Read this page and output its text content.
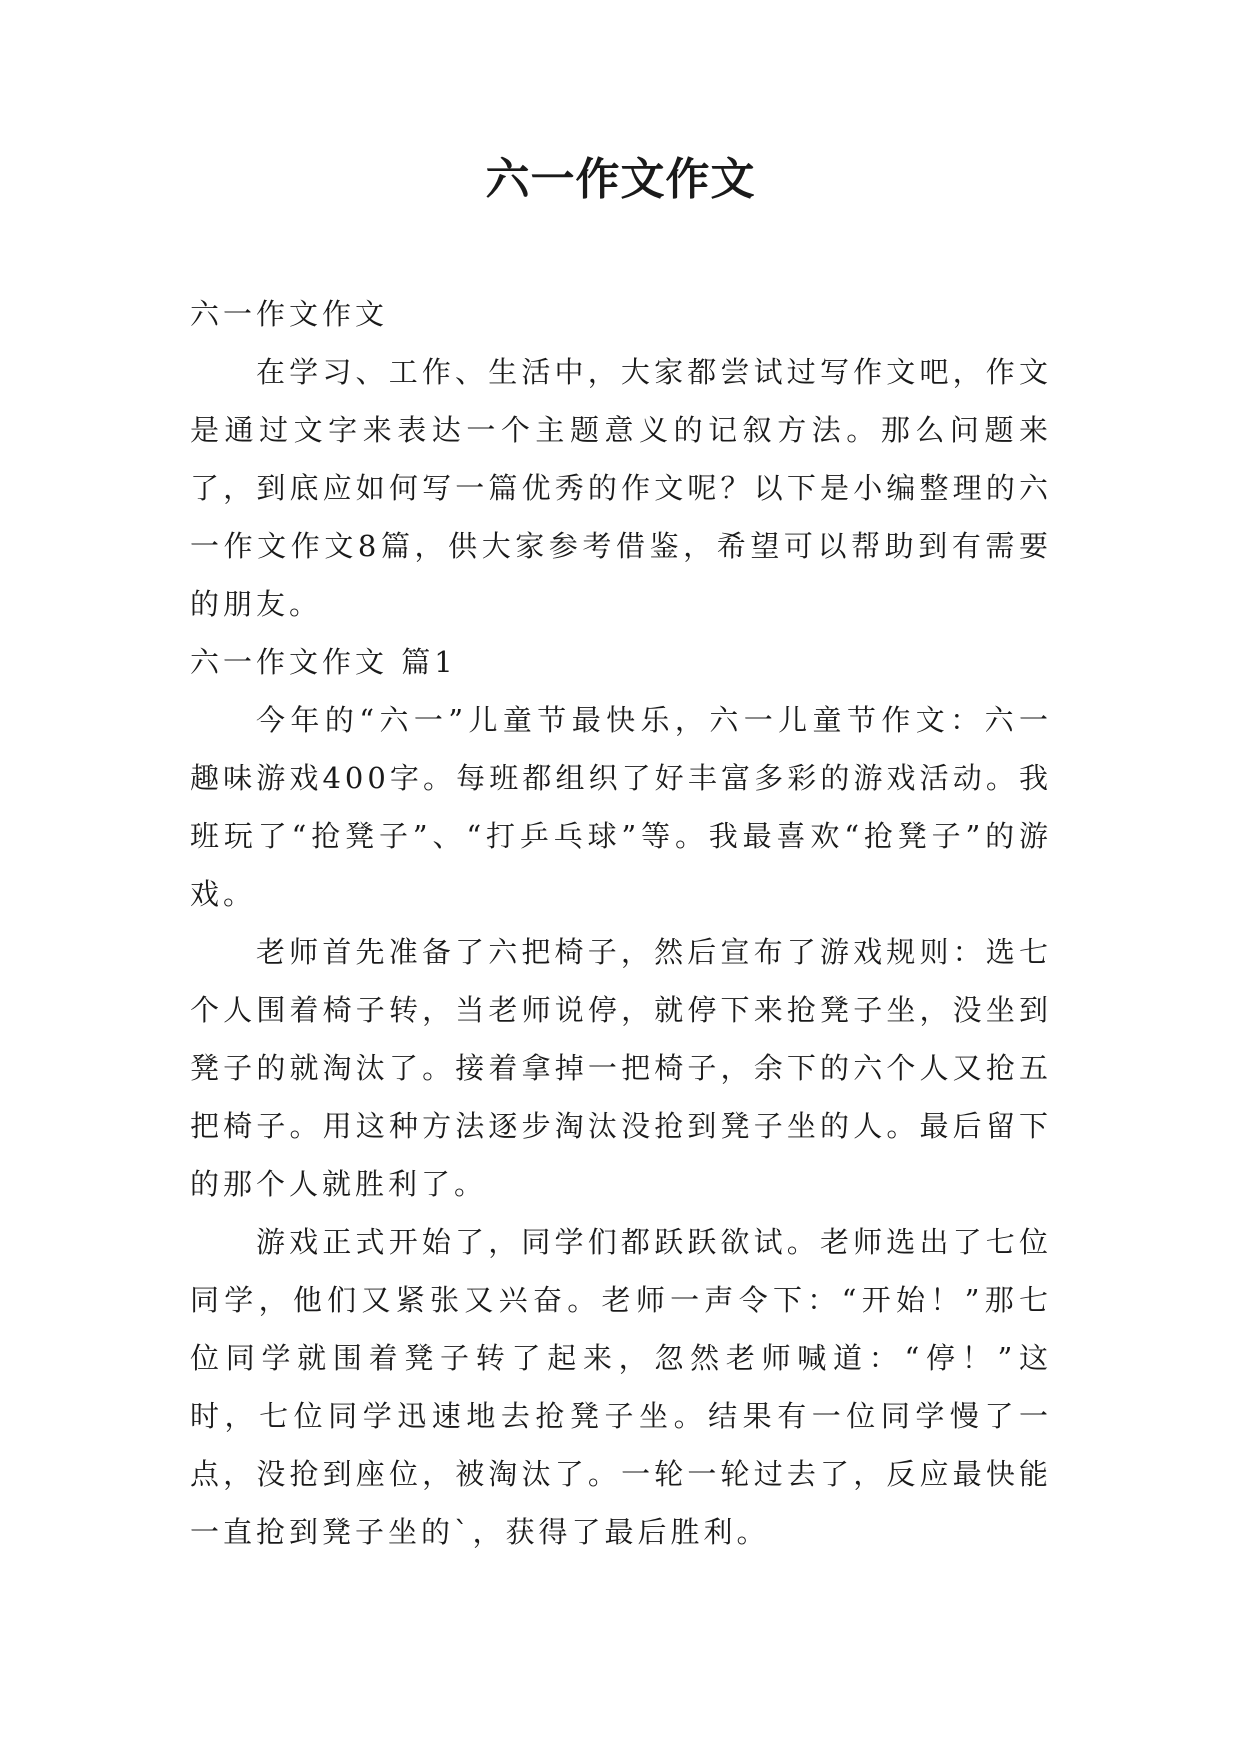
六一作文作文

六一作文作文

在学习、工作、生活中，大家都尝试过写作文吧，作文是通过文字来表达一个主题意义的记叙方法。那么问题来了，到底应如何写一篇优秀的作文呢？以下是小编整理的六一作文作文8篇，供大家参考借鉴，希望可以帮助到有需要的朋友。

六一作文作文 篇1

今年的“六一”儿童节最快乐，六一儿童节作文：六一趣味游戏400字。每班都组织了好丰富多彩的游戏活动。我班玩了“抢凳子”、“打乒乓球”等。我最喜欢“抢凳子”的游戏。

老师首先准备了六把椅子，然后宣布了游戏规则：选七个人围着椅子转，当老师说停，就停下来抢凳子坐，没坐到凳子的就淘汰了。接着拿掉一把椅子，余下的六个人又抢五把椅子。用这种方法逐步淘汰没抢到凳子坐的人。最后留下的那个人就胜利了。

游戏正式开始了，同学们都跃跃欲试。老师选出了七位同学，他们又紧张又兴奋。老师一声令下：“开始！”那七位同学就围着凳子转了起来，忽然老师喊道：“停！”这时，七位同学迅速地去抢凳子坐。结果有一位同学慢了一点，没抢到座位，被淘汰了。一轮一轮过去了，反应最快能一直抢到凳子坐的`，获得了最后胜利。
